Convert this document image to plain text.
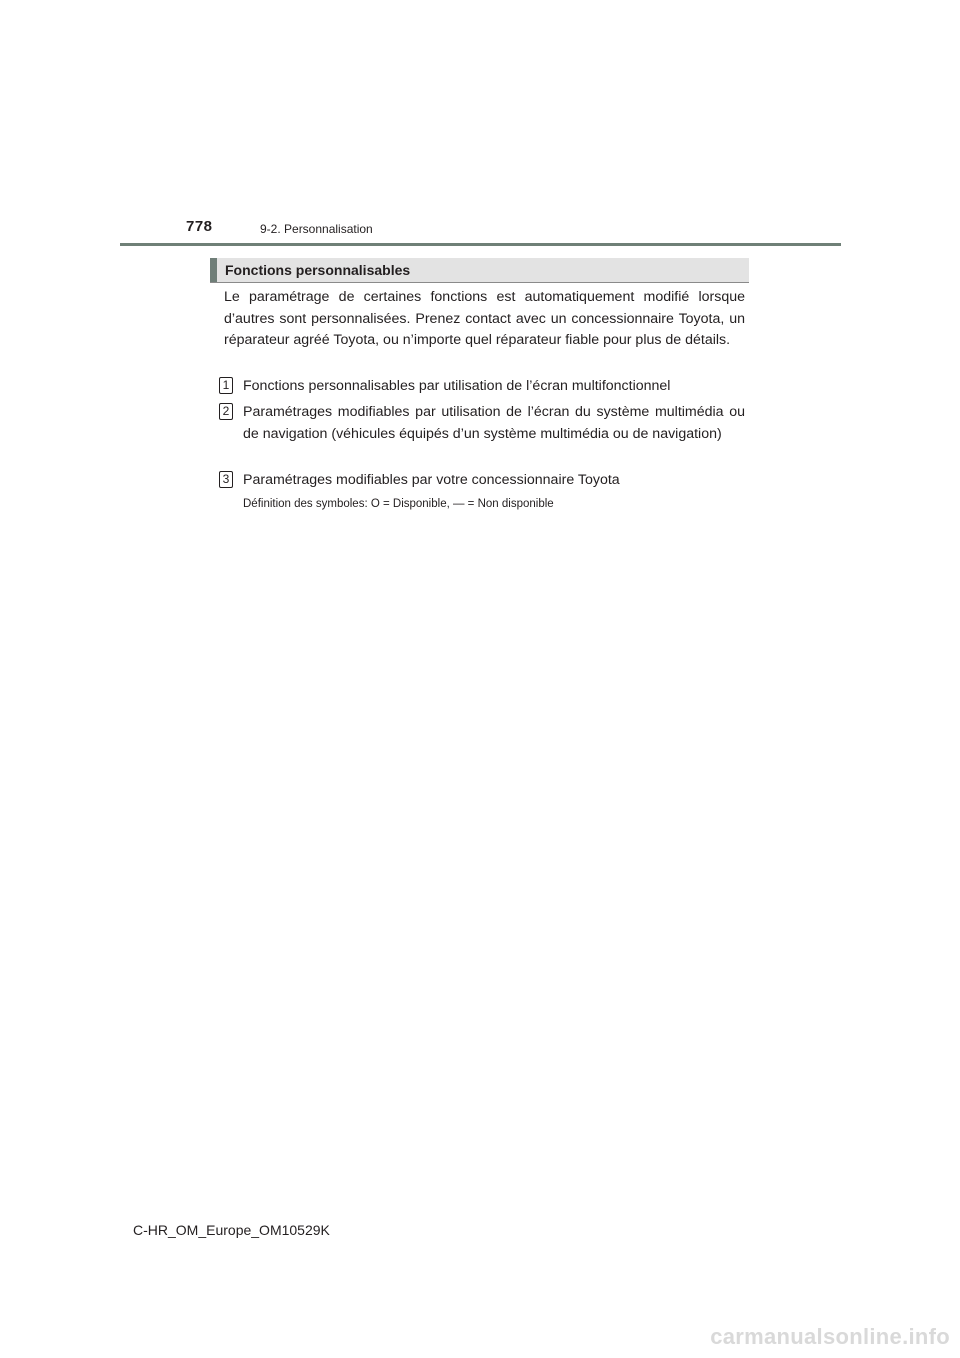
778	9-2. Personnalisation
Fonctions personnalisables

Le paramétrage de certaines fonctions est automatiquement modifié lorsque d’autres sont personnalisées. Prenez contact avec un concessionnaire Toyota, un réparateur agréé Toyota, ou n’importe quel réparateur fiable pour plus de détails.

1 Fonctions personnalisables par utilisation de l’écran multifonctionnel
2 Paramétrages modifiables par utilisation de l’écran du système multimédia ou de navigation (véhicules équipés d’un système multimédia ou de navigation)
3 Paramétrages modifiables par votre concessionnaire Toyota
Définition des symboles: O = Disponible, — = Non disponible
C-HR_OM_Europe_OM10529K
carmanualsonline.info
